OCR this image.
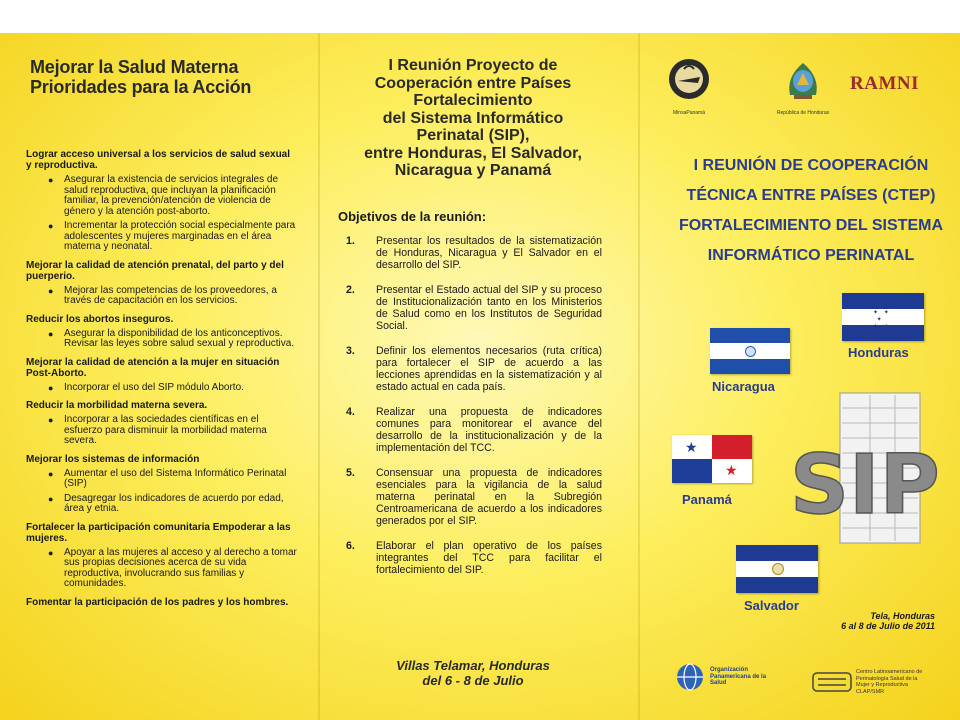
Mejorar la Salud Materna
Prioridades para la Acción
Lograr acceso universal a los servicios de salud sexual y reproductiva.
●	Asegurar la existencia de servicios integrales de salud reproductiva, que incluyan la planificación familiar, la prevención/atención de violencia de género y la atención post-aborto.
●	Incrementar la protección social especialmente para adolescentes y mujeres marginadas en el área materna y neonatal.
Mejorar la calidad de atención prenatal, del parto y del puerperio.
●	Mejorar las competencias de los proveedores, a través de capacitación en los servicios.
Reducir los abortos inseguros.
●	Asegurar la disponibilidad de los anticonceptivos. Revisar las leyes sobre salud sexual y reproductiva.
Mejorar la calidad de atención a la mujer en situación Post-Aborto.
●	Incorporar el uso del SIP módulo Aborto.
Reducir la morbilidad materna severa.
●	Incorporar a las sociedades científicas en el esfuerzo para disminuir la morbilidad materna severa.
Mejorar los sistemas de información
●	Aumentar el uso del Sistema Informático Perinatal (SIP)
●	Desagregar los indicadores de acuerdo por edad, área y etnia.
Fortalecer la participación comunitaria Empoderar a las mujeres.
●	Apoyar a las mujeres al acceso y al derecho a tomar sus propias decisiones acerca de su vida reproductiva, involucrando sus familias y comunidades.
Fomentar la participación de los padres y los hombres.
I Reunión Proyecto de
Cooperación entre Países
Fortalecimiento
del Sistema Informático
Perinatal (SIP),
entre Honduras, El Salvador,
Nicaragua y Panamá
Objetivos de la reunión:
1.	Presentar los resultados de la sistematización de Honduras, Nicaragua y El Salvador en el desarrollo del SIP.
2.	Presentar el Estado actual del SIP y su proceso de Institucionalización tanto en los Ministerios de Salud como en los Institutos de Seguridad Social.
3.	Definir los elementos necesarios (ruta crítica) para fortalecer el SIP de acuerdo a las lecciones aprendidas en la sistematización y al estado actual en cada país.
4.	Realizar una propuesta de indicadores comunes para monitorear el avance del desarrollo de la institucionalización y de la implementación del TCC.
5.	Consensuar una propuesta de indicadores esenciales para la vigilancia de la salud materna perinatal en la Subregión Centroamericana de acuerdo a los indicadores generados por el SIP.
6.	Elaborar el plan operativo de los países integrantes del TCC para facilitar el fortalecimiento del SIP.
Villas Telamar, Honduras
del 6 - 8 de Julio
MinsaPanamá	República de Honduras
RAMNI
I REUNIÓN DE COOPERACIÓN
TÉCNICA ENTRE PAÍSES (CTEP)
FORTALECIMIENTO DEL SISTEMA
INFORMÁTICO PERINATAL
✦ ✦
✦
✦ ✦
Honduras
Nicaragua
★
★
Panamá
Salvador
SIP
Tela, Honduras
6 al 8 de Julio de 2011
Organización Panamericana de la Salud
Centro Latinoamericano de Perinatología Salud de la Mujer y Reproductiva CLAP/SMR
